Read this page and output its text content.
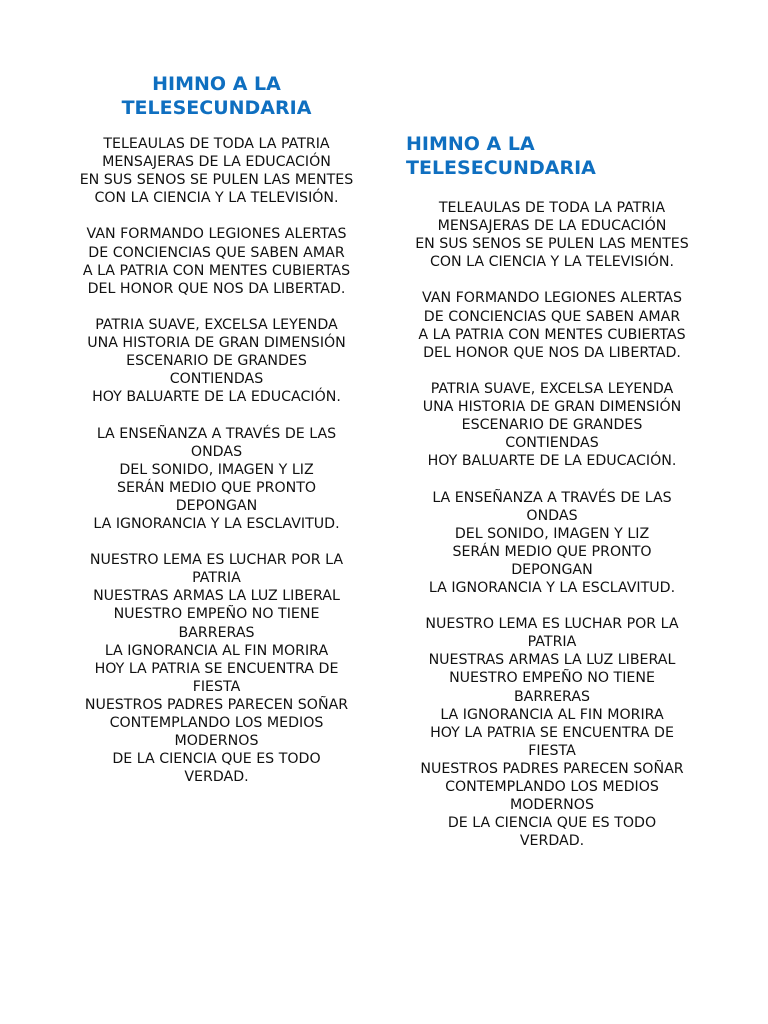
HIMNO A LA
TELESECUNDARIA
TELEAULAS DE TODA LA PATRIA
MENSAJERAS DE LA EDUCACIÓN
EN SUS SENOS SE PULEN LAS MENTES
CON LA CIENCIA Y LA TELEVISIÓN.
VAN FORMANDO LEGIONES ALERTAS
DE CONCIENCIAS QUE SABEN AMAR
A LA PATRIA CON MENTES CUBIERTAS
DEL HONOR QUE NOS DA LIBERTAD.
PATRIA SUAVE, EXCELSA LEYENDA
UNA HISTORIA DE GRAN DIMENSIÓN
ESCENARIO DE GRANDES
CONTIENDAS
HOY BALUARTE DE LA EDUCACIÓN.
LA ENSEÑANZA A TRAVÉS DE LAS
ONDAS
DEL SONIDO, IMAGEN Y LIZ
SERÁN MEDIO QUE PRONTO
DEPONGAN
LA IGNORANCIA Y LA ESCLAVITUD.
NUESTRO LEMA ES LUCHAR POR LA
PATRIA
NUESTRAS ARMAS LA LUZ LIBERAL
NUESTRO EMPEÑO NO TIENE
BARRERAS
LA IGNORANCIA AL FIN MORIRA
HOY LA PATRIA SE ENCUENTRA DE
FIESTA
NUESTROS PADRES PARECEN SOÑAR
CONTEMPLANDO LOS MEDIOS
MODERNOS
DE LA CIENCIA QUE ES TODO
VERDAD.
HIMNO A LA
TELESECUNDARIA
TELEAULAS DE TODA LA PATRIA
MENSAJERAS DE LA EDUCACIÓN
EN SUS SENOS SE PULEN LAS MENTES
CON LA CIENCIA Y LA TELEVISIÓN.
VAN FORMANDO LEGIONES ALERTAS
DE CONCIENCIAS QUE SABEN AMAR
A LA PATRIA CON MENTES CUBIERTAS
DEL HONOR QUE NOS DA LIBERTAD.
PATRIA SUAVE, EXCELSA LEYENDA
UNA HISTORIA DE GRAN DIMENSIÓN
ESCENARIO DE GRANDES
CONTIENDAS
HOY BALUARTE DE LA EDUCACIÓN.
LA ENSEÑANZA A TRAVÉS DE LAS
ONDAS
DEL SONIDO, IMAGEN Y LIZ
SERÁN MEDIO QUE PRONTO
DEPONGAN
LA IGNORANCIA Y LA ESCLAVITUD.
NUESTRO LEMA ES LUCHAR POR LA
PATRIA
NUESTRAS ARMAS LA LUZ LIBERAL
NUESTRO EMPEÑO NO TIENE
BARRERAS
LA IGNORANCIA AL FIN MORIRA
HOY LA PATRIA SE ENCUENTRA DE
FIESTA
NUESTROS PADRES PARECEN SOÑAR
CONTEMPLANDO LOS MEDIOS
MODERNOS
DE LA CIENCIA QUE ES TODO
VERDAD.
